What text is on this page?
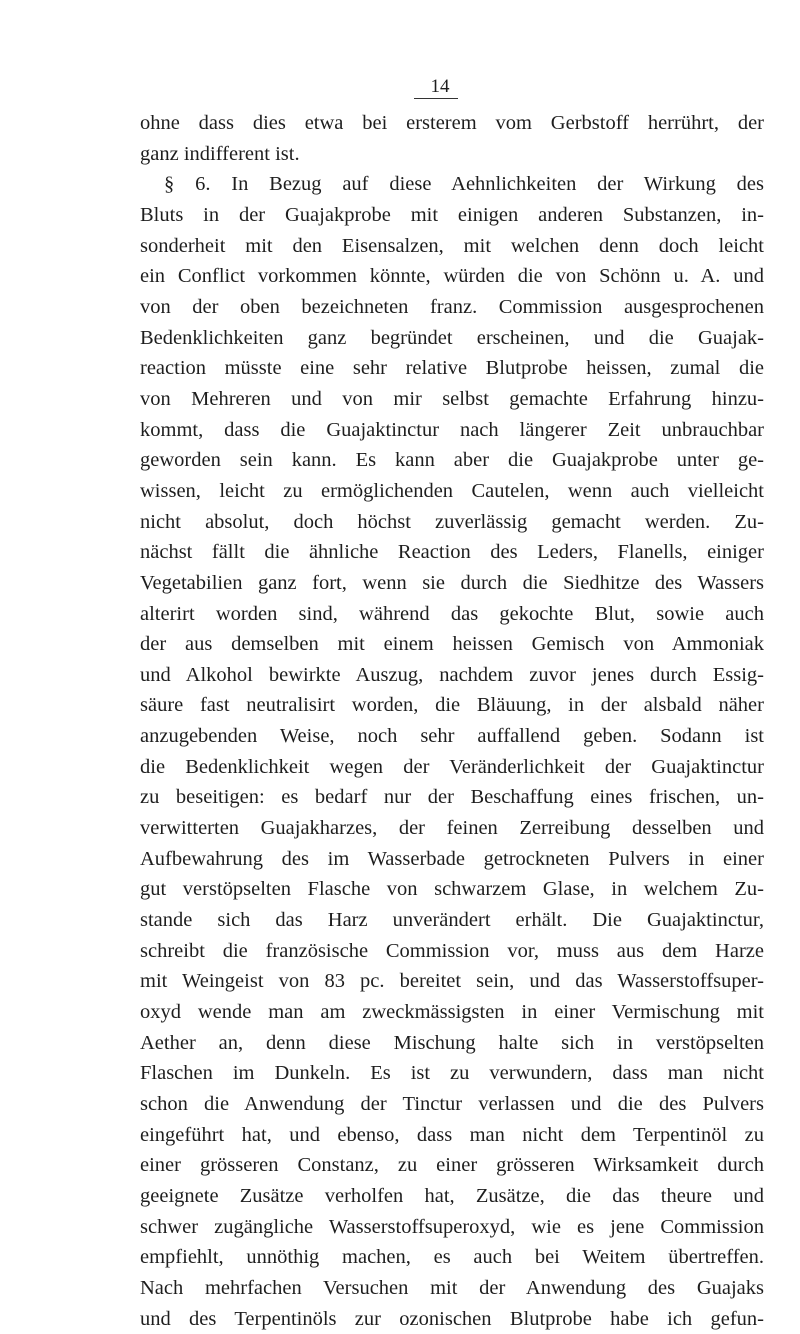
14
ohne dass dies etwa bei ersterem vom Gerbstoff herrührt, der
ganz indifferent ist.
§ 6. In Bezug auf diese Aehnlichkeiten der Wirkung des
Bluts in der Guajakprobe mit einigen anderen Substanzen, in-
sonderheit mit den Eisensalzen, mit welchen denn doch leicht
ein Conflict vorkommen könnte, würden die von Schönn u. A. und
von der oben bezeichneten franz. Commission ausgesprochenen
Bedenklichkeiten ganz begründet erscheinen, und die Guajak-
reaction müsste eine sehr relative Blutprobe heissen, zumal die
von Mehreren und von mir selbst gemachte Erfahrung hinzu-
kommt, dass die Guajaktinctur nach längerer Zeit unbrauchbar
geworden sein kann. Es kann aber die Guajakprobe unter ge-
wissen, leicht zu ermöglichenden Cautelen, wenn auch vielleicht
nicht absolut, doch höchst zuverlässig gemacht werden. Zu-
nächst fällt die ähnliche Reaction des Leders, Flanells, einiger
Vegetabilien ganz fort, wenn sie durch die Siedhitze des Wassers
alterirt worden sind, während das gekochte Blut, sowie auch
der aus demselben mit einem heissen Gemisch von Ammoniak
und Alkohol bewirkte Auszug, nachdem zuvor jenes durch Essig-
säure fast neutralisirt worden, die Bläuung, in der alsbald näher
anzugebenden Weise, noch sehr auffallend geben. Sodann ist
die Bedenklichkeit wegen der Veränderlichkeit der Guajaktinctur
zu beseitigen: es bedarf nur der Beschaffung eines frischen, un-
verwitterten Guajakharzes, der feinen Zerreibung desselben und
Aufbewahrung des im Wasserbade getrockneten Pulvers in einer
gut verstöpselten Flasche von schwarzem Glase, in welchem Zu-
stande sich das Harz unverändert erhält. Die Guajaktinctur,
schreibt die französische Commission vor, muss aus dem Harze
mit Weingeist von 83 pc. bereitet sein, und das Wasserstoffsuper-
oxyd wende man am zweckmässigsten in einer Vermischung mit
Aether an, denn diese Mischung halte sich in verstöpselten
Flaschen im Dunkeln. Es ist zu verwundern, dass man nicht
schon die Anwendung der Tinctur verlassen und die des Pulvers
eingeführt hat, und ebenso, dass man nicht dem Terpentinöl zu
einer grösseren Constanz, zu einer grösseren Wirksamkeit durch
geeignete Zusätze verholfen hat, Zusätze, die das theure und
schwer zugängliche Wasserstoffsuperoxyd, wie es jene Commission
empfiehlt, unnöthig machen, es auch bei Weitem übertreffen.
Nach mehrfachen Versuchen mit der Anwendung des Guajaks
und des Terpentinöls zur ozonischen Blutprobe habe ich gefun-
